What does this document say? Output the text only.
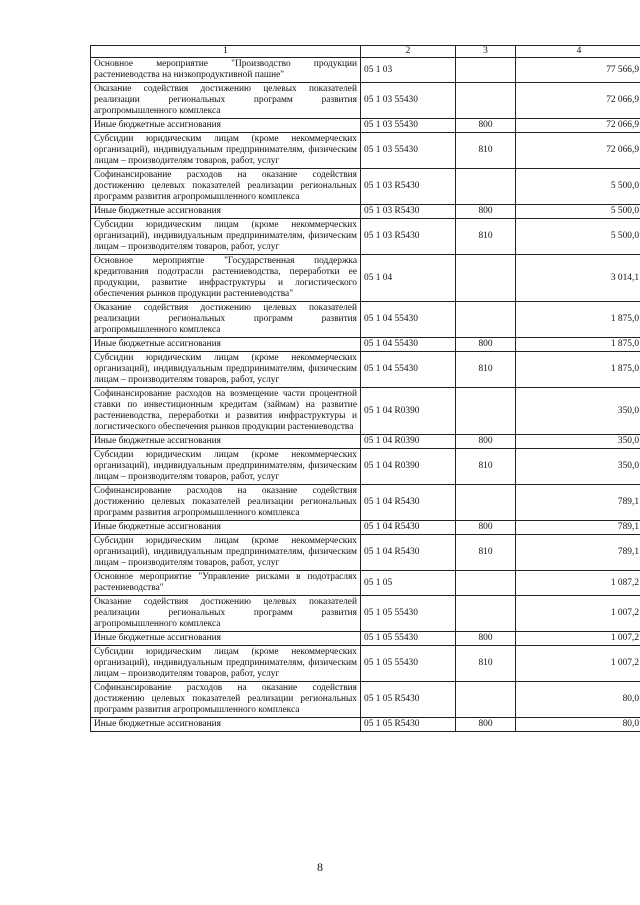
1	2	3	4
Основное мероприятие "Производство продукции растениеводства на низкопродуктивной пашне"	05 1 03		77 566,9
Оказание содействия достижению целевых показателей реализации региональных программ развития агропромышленного комплекса	05 1 03 55430		72 066,9
Иные бюджетные ассигнования	05 1 03 55430	800	72 066,9
Субсидии юридическим лицам (кроме некоммерческих организаций), индивидуальным предпринимателям, физическим лицам – производителям товаров, работ, услуг	05 1 03 55430	810	72 066,9
Софинансирование расходов на оказание содействия достижению целевых показателей реализации региональных программ развития агропромышленного комплекса	05 1 03 R5430		5 500,0
Иные бюджетные ассигнования	05 1 03 R5430	800	5 500,0
Субсидии юридическим лицам (кроме некоммерческих организаций), индивидуальным предпринимателям, физическим лицам – производителям товаров, работ, услуг	05 1 03 R5430	810	5 500,0
Основное мероприятие "Государственная поддержка кредитования подотрасли растениеводства, переработки ее продукции, развитие инфраструктуры и логистического обеспечения рынков продукции растениеводства"	05 1 04		3 014,1
Оказание содействия достижению целевых показателей реализации региональных программ развития агропромышленного комплекса	05 1 04 55430		1 875,0
Иные бюджетные ассигнования	05 1 04 55430	800	1 875,0
Субсидии юридическим лицам (кроме некоммерческих организаций), индивидуальным предпринимателям, физическим лицам – производителям товаров, работ, услуг	05 1 04 55430	810	1 875,0
Софинансирование расходов на возмещение части процентной ставки по инвестиционным кредитам (займам) на развитие растениеводства, переработки и развития инфраструктуры и логистического обеспечения рынков продукции растениеводства	05 1 04 R0390		350,0
Иные бюджетные ассигнования	05 1 04 R0390	800	350,0
Субсидии юридическим лицам (кроме некоммерческих организаций), индивидуальным предпринимателям, физическим лицам – производителям товаров, работ, услуг	05 1 04 R0390	810	350,0
Софинансирование расходов на оказание содействия достижению целевых показателей реализации региональных программ развития агропромышленного комплекса	05 1 04 R5430		789,1
Иные бюджетные ассигнования	05 1 04 R5430	800	789,1
Субсидии юридическим лицам (кроме некоммерческих организаций), индивидуальным предпринимателям, физическим лицам – производителям товаров, работ, услуг	05 1 04 R5430	810	789,1
Основное мероприятие "Управление рисками в подотраслях растениеводства"	05 1 05		1 087,2
Оказание содействия достижению целевых показателей реализации региональных программ развития агропромышленного комплекса	05 1 05 55430		1 007,2
Иные бюджетные ассигнования	05 1 05 55430	800	1 007,2
Субсидии юридическим лицам (кроме некоммерческих организаций), индивидуальным предпринимателям, физическим лицам – производителям товаров, работ, услуг	05 1 05 55430	810	1 007,2
Софинансирование расходов на оказание содействия достижению целевых показателей реализации региональных программ развития агропромышленного комплекса	05 1 05 R5430		80,0
Иные бюджетные ассигнования	05 1 05 R5430	800	80,0
8
